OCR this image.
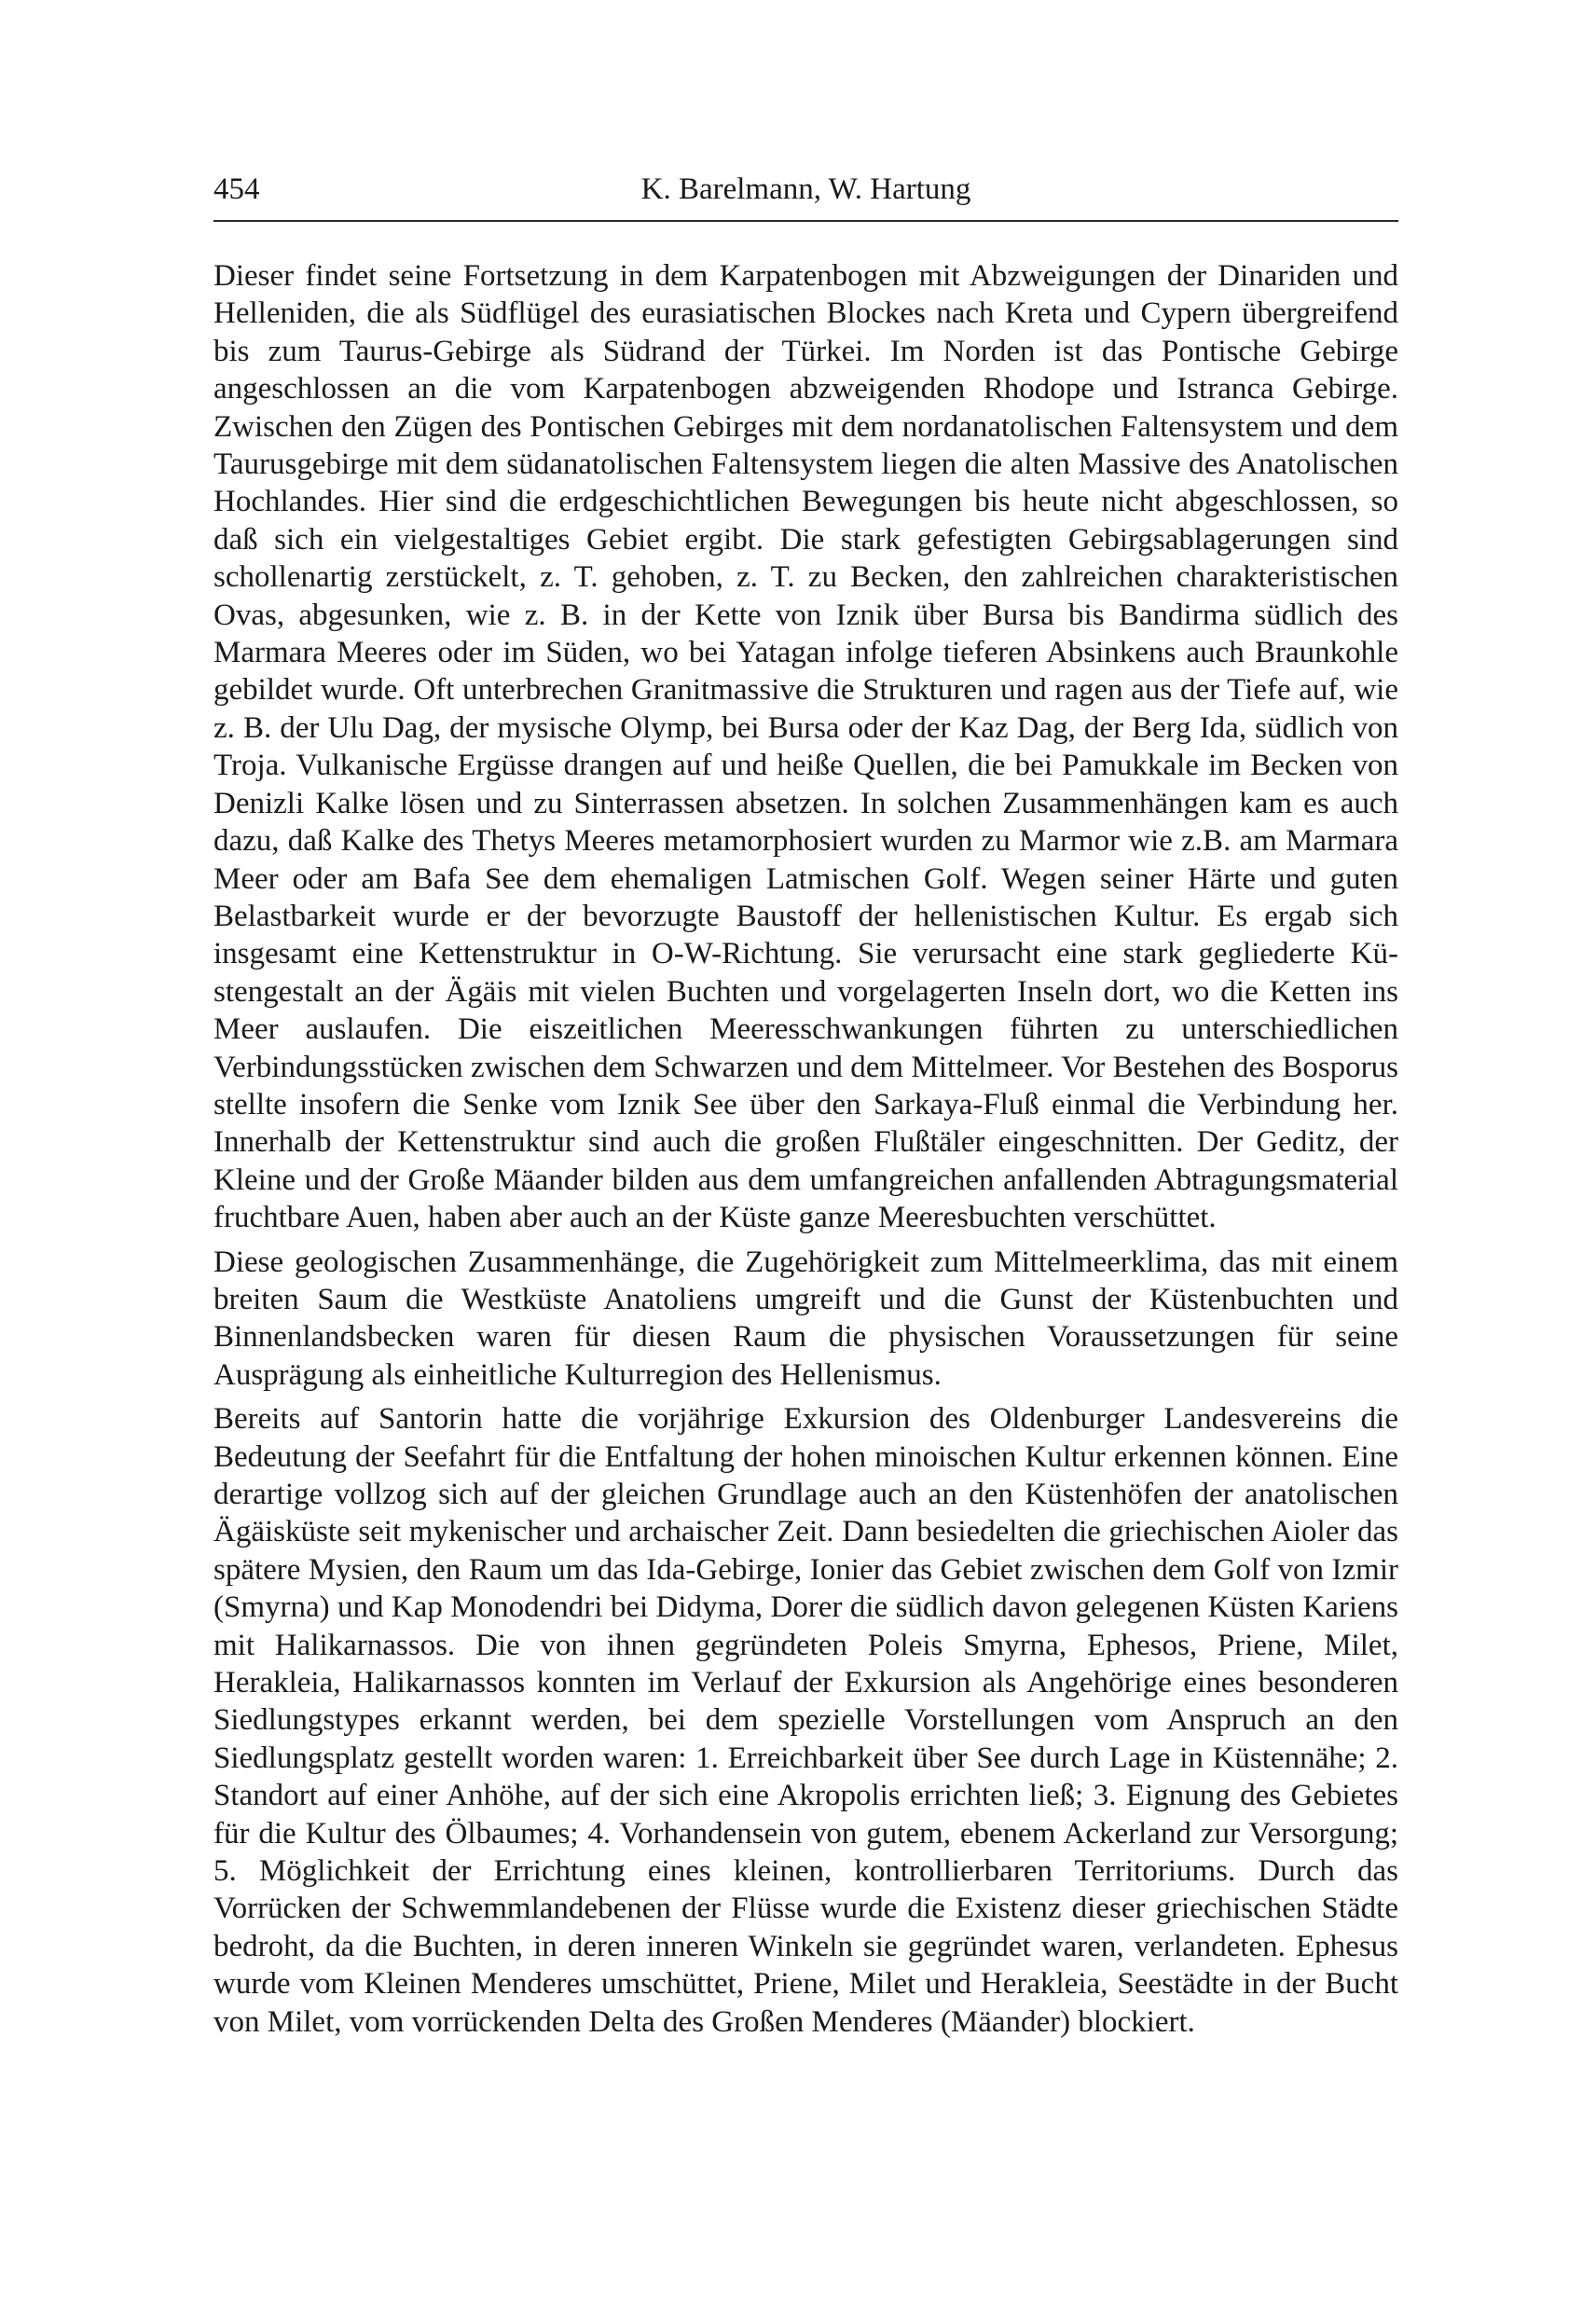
454	K. Barelmann, W. Hartung

Dieser findet seine Fortsetzung in dem Karpatenbogen mit Abzweigungen der Dinariden und Helleniden, die als Südflügel des eurasiatischen Blockes nach Kreta und Cypern übergreifend bis zum Taurus-Gebirge als Südrand der Türkei. Im Norden ist das Pontische Gebirge angeschlossen an die vom Karpatenbogen abzweigenden Rhodope und Istranca Gebirge. Zwischen den Zügen des Pontischen Gebirges mit dem nordanatolischen Faltensystem und dem Taurusgebirge mit dem südanatolischen Faltensystem liegen die alten Massive des Anatolischen Hochlandes. Hier sind die erdgeschichtlichen Bewegungen bis heute nicht abgeschlossen, so daß sich ein vielgestaltiges Gebiet ergibt. Die stark gefestigten Gebirgsablagerungen sind schollenartig zerstückelt, z. T. gehoben, z. T. zu Becken, den zahlreichen charakteristischen Ovas, abgesunken, wie z. B. in der Kette von Iznik über Bursa bis Bandirma südlich des Marmara Meeres oder im Süden, wo bei Yatagan infolge tieferen Absinkens auch Braunkohle gebildet wurde. Oft unterbrechen Granitmassive die Strukturen und ragen aus der Tiefe auf, wie z. B. der Ulu Dag, der mysische Olymp, bei Bursa oder der Kaz Dag, der Berg Ida, südlich von Troja. Vulkanische Ergüsse drangen auf und heiße Quellen, die bei Pamukkale im Becken von Denizli Kalke lösen und zu Sinterrassen absetzen. In solchen Zusammenhängen kam es auch dazu, daß Kalke des Thetys Meeres metamorphosiert wurden zu Marmor wie z.B. am Marmara Meer oder am Bafa See dem ehemaligen Latmischen Golf. Wegen seiner Härte und guten Belastbarkeit wurde er der bevorzugte Baustoff der hellenistischen Kultur. Es ergab sich insgesamt eine Kettenstruktur in O-W-Richtung. Sie verursacht eine stark gegliederte Küstengestalt an der Ägäis mit vielen Buchten und vorgelagerten Inseln dort, wo die Ketten ins Meer auslaufen. Die eiszeitlichen Meeresschwankungen führten zu unterschiedlichen Verbindungsstücken zwischen dem Schwarzen und dem Mittelmeer. Vor Bestehen des Bosporus stellte insofern die Senke vom Iznik See über den Sarkaya-Fluß einmal die Verbindung her. Innerhalb der Kettenstruktur sind auch die großen Flußtäler eingeschnitten. Der Geditz, der Kleine und der Große Mäander bilden aus dem umfangreichen anfallenden Abtragungsmaterial fruchtbare Auen, haben aber auch an der Küste ganze Meeresbuchten verschüttet.

Diese geologischen Zusammenhänge, die Zugehörigkeit zum Mittelmeerklima, das mit einem breiten Saum die Westküste Anatoliens umgreift und die Gunst der Küstenbuchten und Binnenlandsbecken waren für diesen Raum die physischen Voraussetzungen für seine Ausprägung als einheitliche Kulturregion des Hellenismus.

Bereits auf Santorin hatte die vorjährige Exkursion des Oldenburger Landesvereins die Bedeutung der Seefahrt für die Entfaltung der hohen minoischen Kultur erkennen können. Eine derartige vollzog sich auf der gleichen Grundlage auch an den Küstenhöfen der anatolischen Ägäisküste seit mykenischer und archaischer Zeit. Dann besiedelten die griechischen Aioler das spätere Mysien, den Raum um das Ida-Gebirge, Ionier das Gebiet zwischen dem Golf von Izmir (Smyrna) und Kap Monodendri bei Didyma, Dorer die südlich davon gelegenen Küsten Kariens mit Halikarnassos. Die von ihnen gegründeten Poleis Smyrna, Ephesos, Priene, Milet, Herakleia, Halikarnassos konnten im Verlauf der Exkursion als Angehörige eines besonderen Siedlungstypes erkannt werden, bei dem spezielle Vorstellungen vom Anspruch an den Siedlungsplatz gestellt worden waren: 1. Erreichbarkeit über See durch Lage in Küstennähe; 2. Standort auf einer Anhöhe, auf der sich eine Akropolis errichten ließ; 3. Eignung des Gebietes für die Kultur des Ölbaumes; 4. Vorhandensein von gutem, ebenem Ackerland zur Versorgung; 5. Möglichkeit der Errichtung eines kleinen, kontrollierbaren Territoriums. Durch das Vorrücken der Schwemmlandebenen der Flüsse wurde die Existenz dieser griechischen Städte bedroht, da die Buchten, in deren inneren Winkeln sie gegründet waren, verlandeten. Ephesus wurde vom Kleinen Menderes umschüttet, Priene, Milet und Herakleia, Seestädte in der Bucht von Milet, vom vorrückenden Delta des Großen Menderes (Mäander) blockiert.
